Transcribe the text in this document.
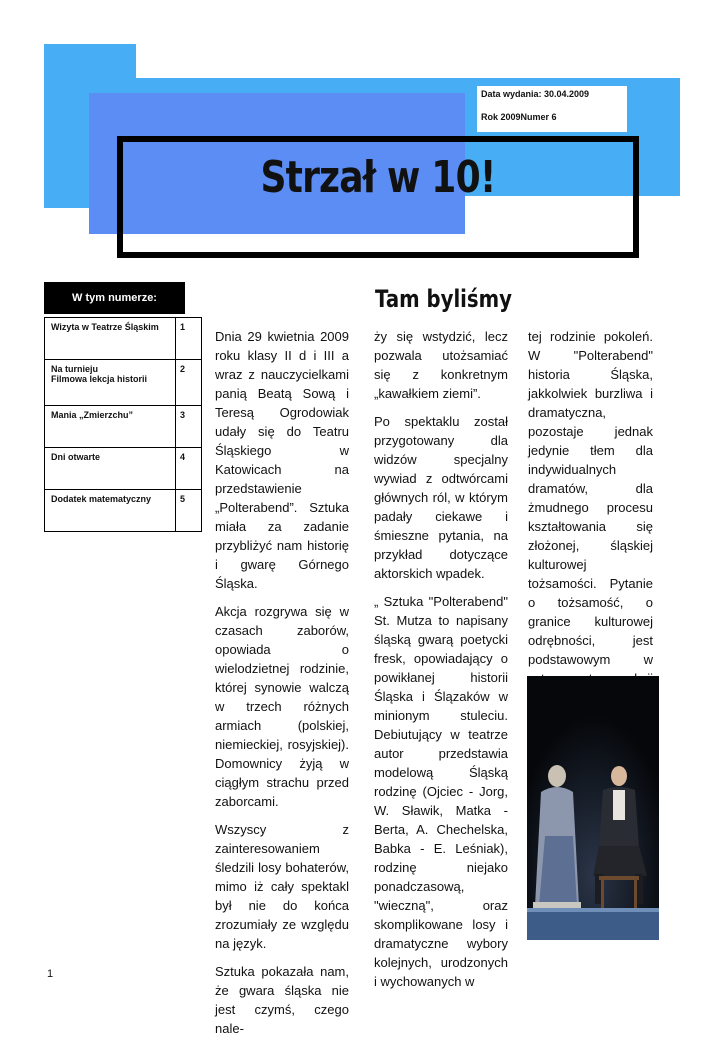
Data wydania: 30.04.2009
Rok 2009Numer 6
Strzał w 10!
W tym numerze:
Wizyta w Teatrze Śląskim	1

Na turnieju
Filmowa lekcja historii	2
Mania „Zmierzchu”	3
Dni otwarte	4
Dodatek matematyczny	5
Tam byliśmy

Dnia 29 kwietnia 2009 roku klasy II d i III a wraz z nauczycielkami panią Beatą Sową i Teresą Ogrodowiak udały się do Teatru Śląskiego w Katowicach na przedstawienie „Polterabend”. Sztuka miała za zadanie przybliżyć nam historię i gwarę Górnego Śląska.

Akcja rozgrywa się w czasach zaborów, opowiada o wielodzietnej rodzinie, której synowie walczą w trzech różnych armiach (polskiej, niemieckiej, rosyjskiej). Domownicy żyją w ciągłym strachu przed zaborcami.

Wszyscy z zainteresowaniem śledzili losy bohaterów, mimo iż cały spektakl był nie do końca zrozumiały ze względu na język.

Sztuka pokazała nam, że gwara śląska nie jest czymś, czego nale-

ży się wstydzić, lecz pozwala utożsamiać się z konkretnym „kawałkiem ziemi”.

Po spektaklu został przygotowany dla widzów specjalny wywiad z odtwórcami głównych ról, w którym padały ciekawe i śmieszne pytania, na przykład dotyczące aktorskich wpadek.

„ Sztuka "Polterabend" St. Mutza to napisany śląską gwarą poetycki fresk, opowiadający o powikłanej historii Śląska i Ślązaków w minionym stuleciu. Debiutujący w teatrze autor przedstawia modelową Śląską rodzinę (Ojciec - Jorg, W. Sławik, Matka - Berta, A. Chechelska, Babka - E. Leśniak), rodzinę niejako ponadczasową, "wieczną", oraz skomplikowane losy i dramatyczne wybory kolejnych, urodzonych i wychowanych w

tej rodzinie pokoleń. W "Polterabend" historia Śląska, jakkolwiek burzliwa i dramatyczna, pozostaje jednak jedynie tłem dla indywidualnych dramatów, dla żmudnego procesu kształtowania się złożonej, śląskiej kulturowej tożsamości. Pytanie o tożsamość, o granice kulturowej odrębności, jest podstawowym w

1
